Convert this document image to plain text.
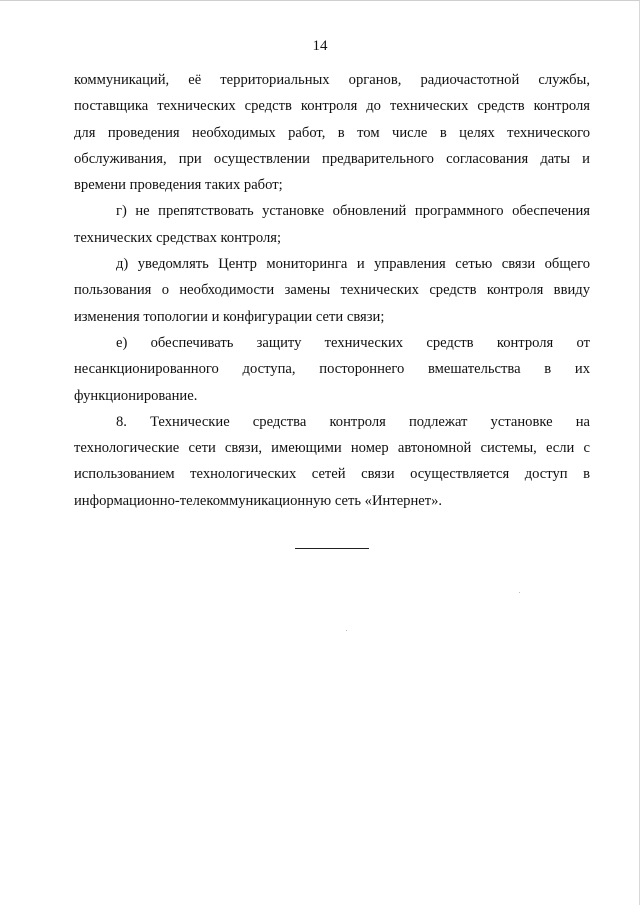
14
коммуникаций, её территориальных органов, радиочастотной службы,
поставщика технических средств контроля до технических средств контроля
для проведения необходимых работ, в том числе в целях технического
обслуживания, при осуществлении предварительного согласования даты и
времени проведения таких работ;
г) не препятствовать установке обновлений программного обеспечения
технических средствах контроля;
д) уведомлять Центр мониторинга и управления сетью связи общего
пользования о необходимости замены технических средств контроля ввиду
изменения топологии и конфигурации сети связи;
е) обеспечивать защиту технических средств контроля от
несанкционированного доступа, постороннего вмешательства в их
функционирование.
8. Технические средства контроля подлежат установке на
технологические сети связи, имеющими номер автономной системы, если с
использованием технологических сетей связи осуществляется доступ в
информационно-телекоммуникационную сеть «Интернет».
